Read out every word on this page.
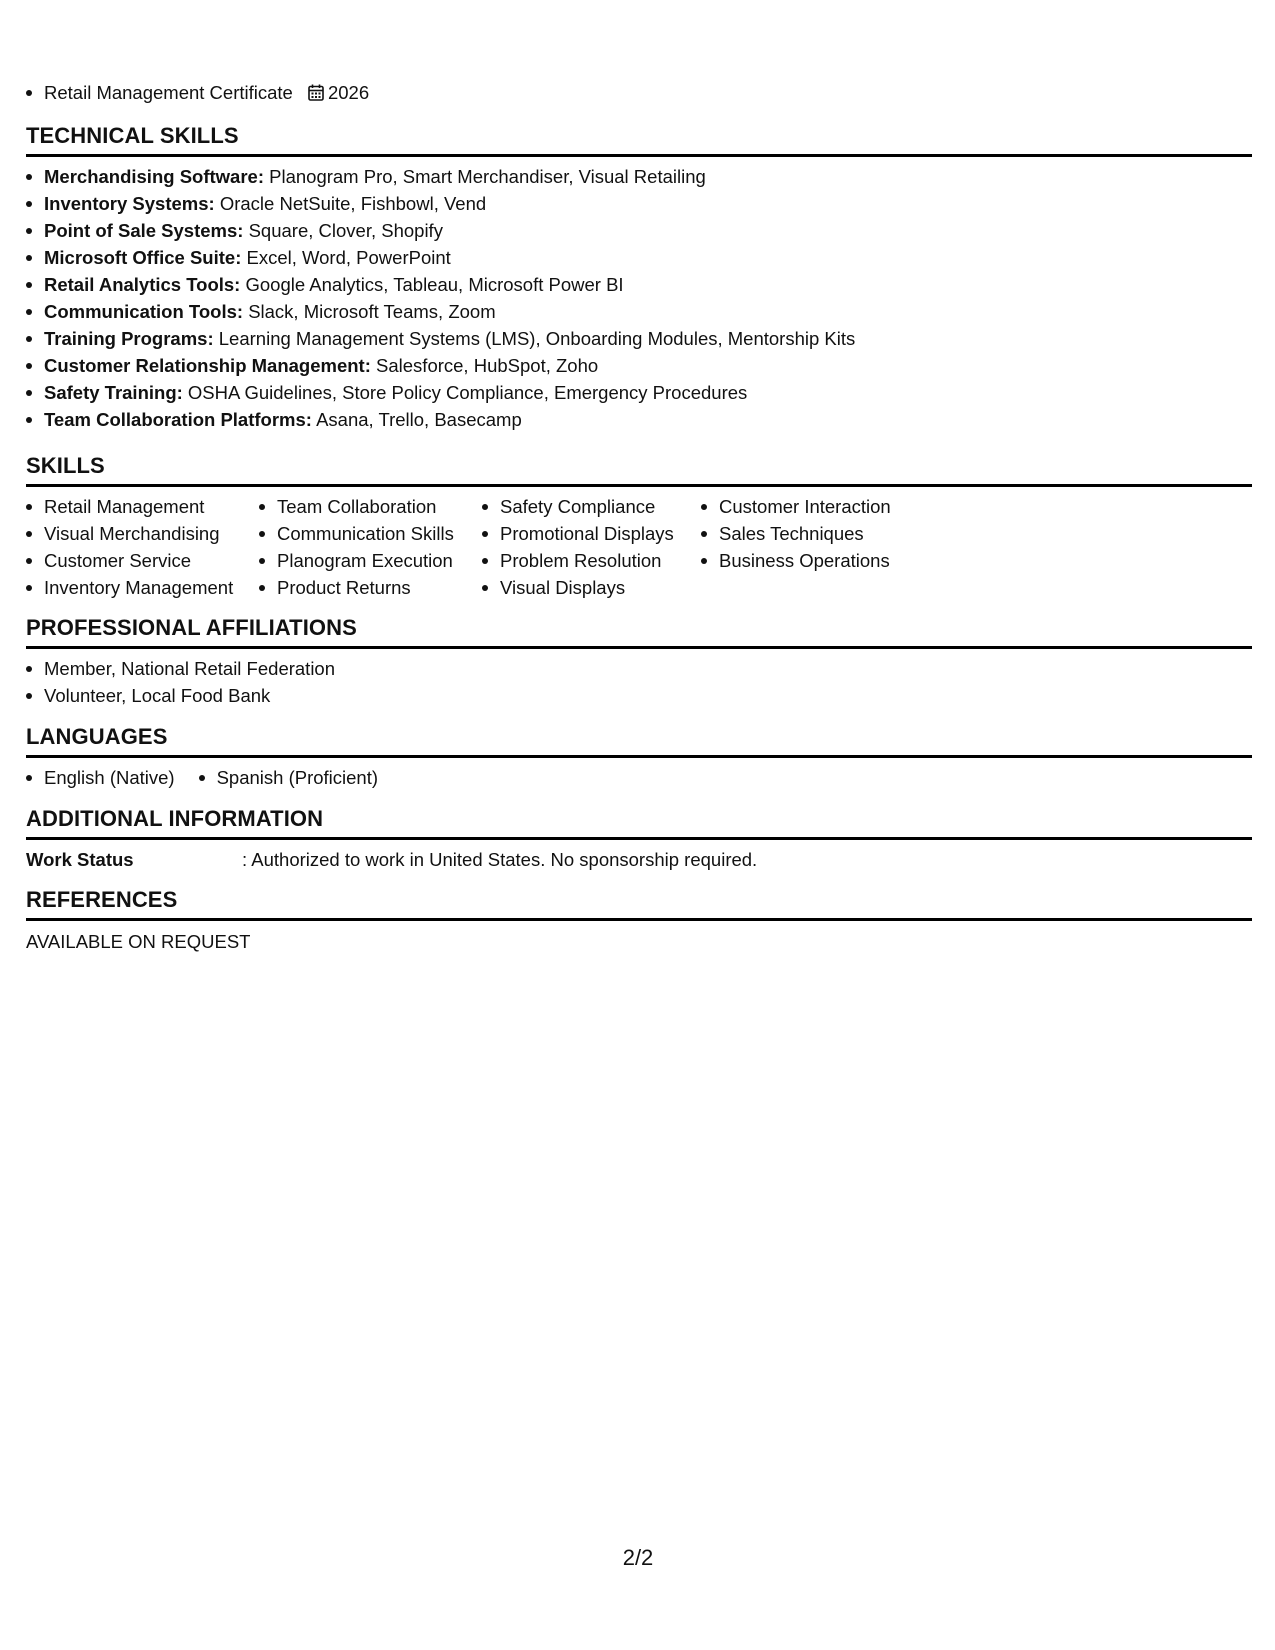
Retail Management Certificate 2026
TECHNICAL SKILLS
Merchandising Software: Planogram Pro, Smart Merchandiser, Visual Retailing
Inventory Systems: Oracle NetSuite, Fishbowl, Vend
Point of Sale Systems: Square, Clover, Shopify
Microsoft Office Suite: Excel, Word, PowerPoint
Retail Analytics Tools: Google Analytics, Tableau, Microsoft Power BI
Communication Tools: Slack, Microsoft Teams, Zoom
Training Programs: Learning Management Systems (LMS), Onboarding Modules, Mentorship Kits
Customer Relationship Management: Salesforce, HubSpot, Zoho
Safety Training: OSHA Guidelines, Store Policy Compliance, Emergency Procedures
Team Collaboration Platforms: Asana, Trello, Basecamp
SKILLS
Retail Management
Visual Merchandising
Customer Service
Inventory Management
Team Collaboration
Communication Skills
Planogram Execution
Product Returns
Safety Compliance
Promotional Displays
Problem Resolution
Visual Displays
Customer Interaction
Sales Techniques
Business Operations
PROFESSIONAL AFFILIATIONS
Member, National Retail Federation
Volunteer, Local Food Bank
LANGUAGES
English (Native)	Spanish (Proficient)
ADDITIONAL INFORMATION
Work Status	: Authorized to work in United States. No sponsorship required.
REFERENCES
AVAILABLE ON REQUEST
2/2
